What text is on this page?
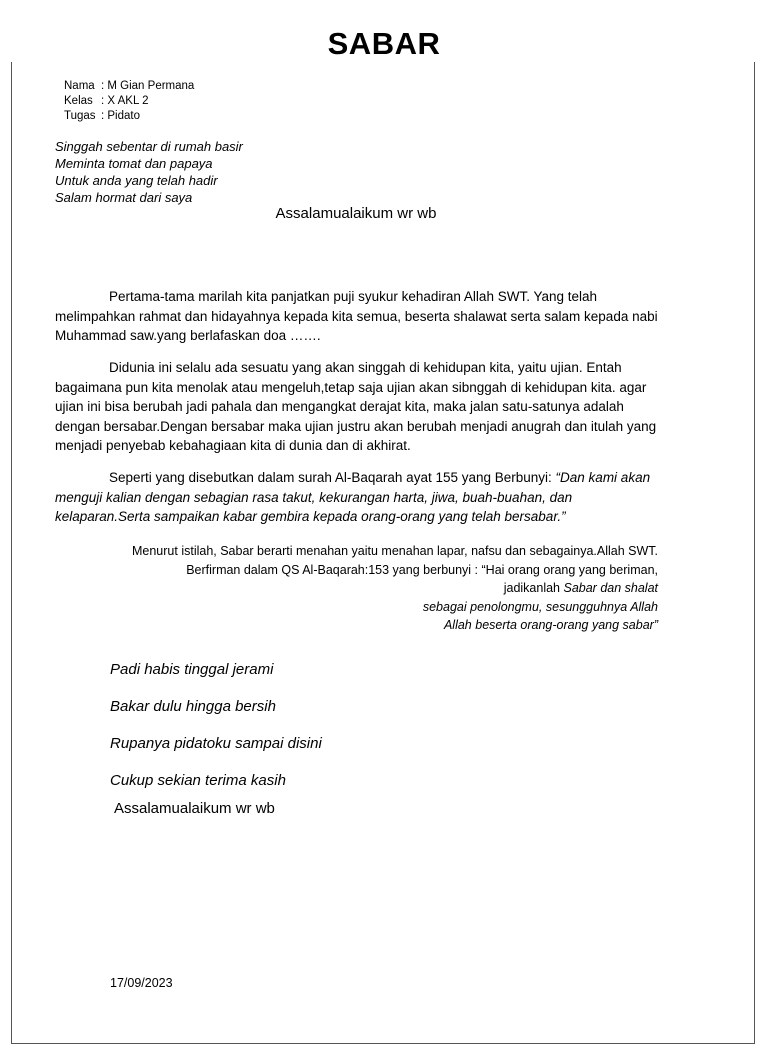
SABAR
Nama : M Gian Permana
Kelas : X AKL 2
Tugas : Pidato
Singgah sebentar di rumah basir
Meminta tomat dan papaya
Untuk anda yang telah hadir
Salam hormat dari saya
Assalamualaikum wr wb
Pertama-tama marilah kita panjatkan puji syukur kehadiran Allah SWT. Yang telah melimpahkan rahmat dan hidayahnya kepada kita semua, beserta shalawat serta salam kepada nabi Muhammad saw.yang berlafaskan doa …….
Didunia ini selalu ada sesuatu yang akan singgah di kehidupan kita, yaitu ujian. Entah bagaimana pun kita menolak atau mengeluh,tetap saja ujian akan sibnggah di kehidupan kita. agar ujian ini bisa berubah jadi pahala dan mengangkat derajat kita, maka jalan satu-satunya adalah dengan bersabar.Dengan bersabar maka ujian justru akan berubah menjadi anugrah dan itulah yang menjadi penyebab kebahagiaan kita di dunia dan di akhirat.
Seperti yang disebutkan dalam surah Al-Baqarah ayat 155 yang Berbunyi: “Dan kami akan menguji kalian dengan sebagian rasa takut, kekurangan harta, jiwa, buah-buahan, dan kelaparan.Serta sampaikan kabar gembira kepada orang-orang yang telah bersabar.”
Menurut istilah, Sabar berarti menahan yaitu menahan lapar, nafsu dan sebagainya.Allah SWT.
Berfirman dalam QS Al-Baqarah:153 yang berbunyi : “Hai orang orang yang beriman,
jadikanlah Sabar dan shalat
sebagai penolongmu, sesungguhnya Allah
Allah beserta orang-orang yang sabar”
Padi habis tinggal jerami
Bakar dulu hingga bersih
Rupanya pidatoku sampai disini
Cukup sekian terima kasih
Assalamualaikum wr wb
17/09/2023
